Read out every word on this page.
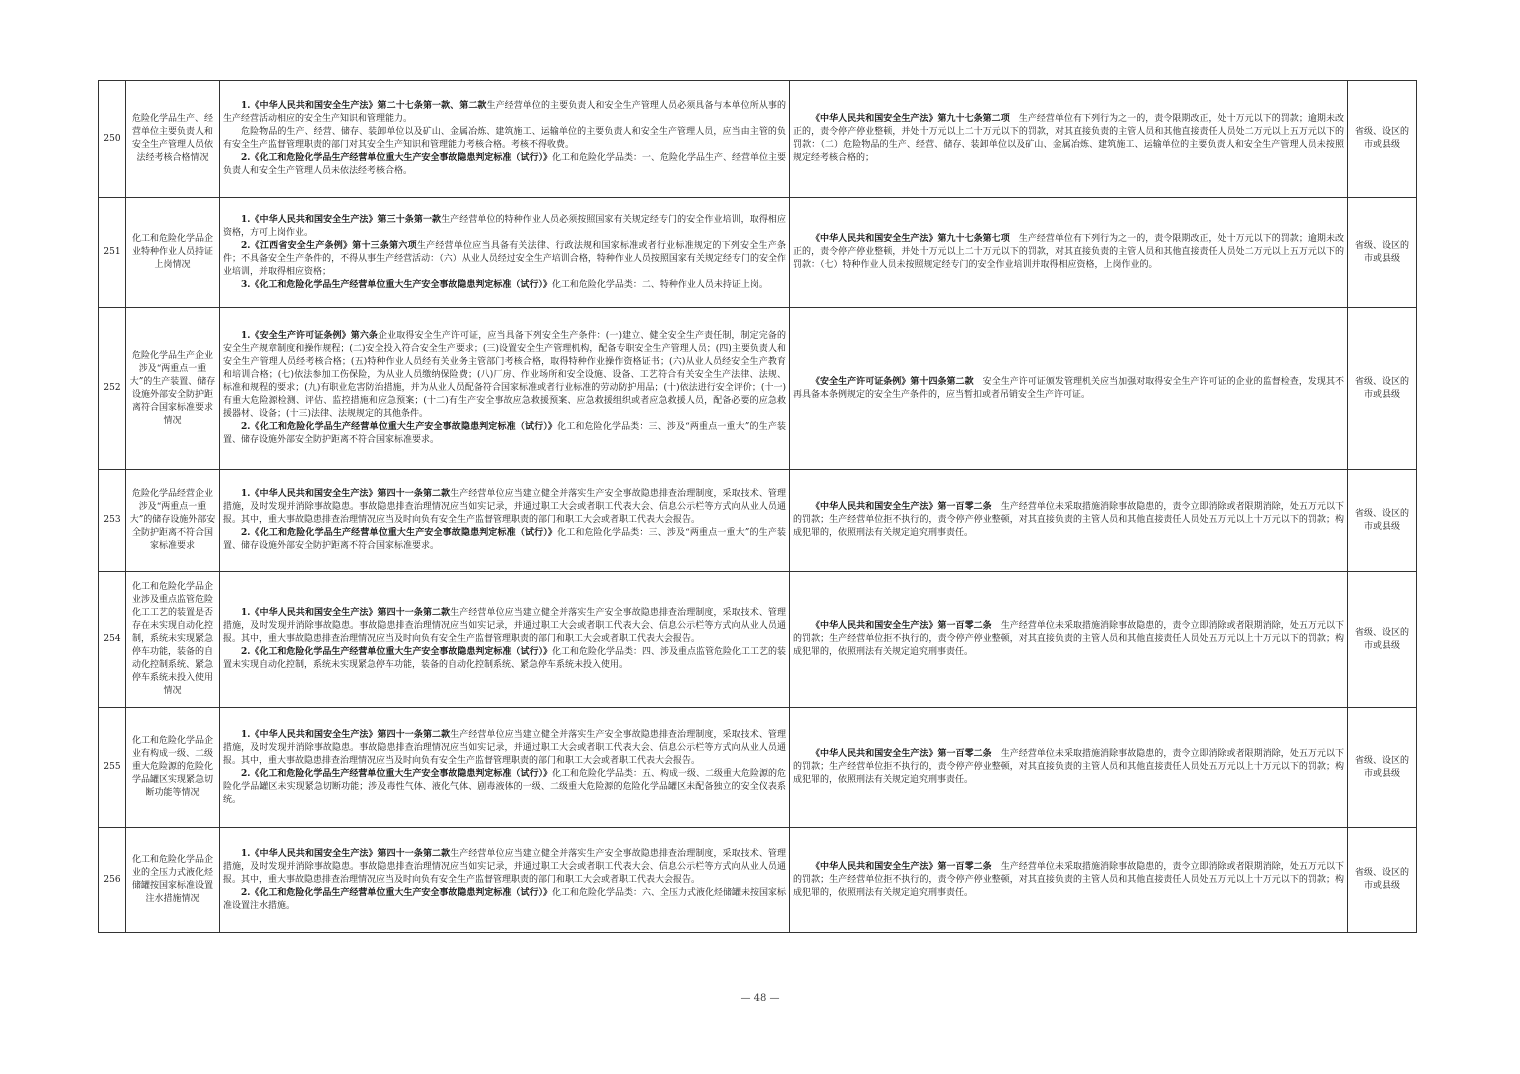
250	危险化学品生产、经营单位主要负责人和安全生产管理人员依法经考核合格情况	1.《中华人民共和国安全生产法》第二十七条第一款、第二款生产经营单位的主要负责人和安全生产管理人员必须具备与本单位所从事的生产经营活动相应的安全生产知识和管理能力。
危险物品的生产、经营、储存、装卸单位以及矿山、金属冶炼、建筑施工、运输单位的主要负责人和安全生产管理人员，应当由主管的负有安全生产监督管理职责的部门对其安全生产知识和管理能力考核合格。考核不得收费。
2.《化工和危险化学品生产经营单位重大生产安全事故隐患判定标准（试行）》化工和危险化学品类：一、危险化学品生产、经营单位主要负责人和安全生产管理人员未依法经考核合格。	《中华人民共和国安全生产法》第九十七条第二项　 生产经营单位有下列行为之一的，责令限期改正，处十万元以下的罚款；逾期未改正的，责令停产停业整顿，并处十万元以上二十万元以下的罚款，对其直接负责的主管人员和其他直接责任人员处二万元以上五万元以下的罚款：（二）危险物品的生产、经营、储存、装卸单位以及矿山、金属冶炼、建筑施工、运输单位的主要负责人和安全生产管理人员未按照规定经考核合格的；	省级、设区的市或县级
251	化工和危险化学品企业特种作业人员持证上岗情况	1.《中华人民共和国安全生产法》第三十条第一款生产经营单位的特种作业人员必须按照国家有关规定经专门的安全作业培训，取得相应资格，方可上岗作业。
2.《江西省安全生产条例》第十三条第六项生产经营单位应当具备有关法律、行政法规和国家标准或者行业标准规定的下列安全生产条件；不具备安全生产条件的，不得从事生产经营活动：（六）从业人员经过安全生产培训合格，特种作业人员按照国家有关规定经专门的安全作业培训，并取得相应资格；
3.《化工和危险化学品生产经营单位重大生产安全事故隐患判定标准（试行）》化工和危险化学品类：二、特种作业人员未持证上岗。	《中华人民共和国安全生产法》第九十七条第七项　 生产经营单位有下列行为之一的，责令限期改正，处十万元以下的罚款；逾期未改正的，责令停产停业整顿，并处十万元以上二十万元以下的罚款，对其直接负责的主管人员和其他直接责任人员处二万元以上五万元以下的罚款：（七）特种作业人员未按照规定经专门的安全作业培训并取得相应资格，上岗作业的。	省级、设区的市或县级
252	危险化学品生产企业涉及“两重点一重大”的生产装置、储存设施外部安全防护距离符合国家标准要求情况	1.《安全生产许可证条例》第六条企业取得安全生产许可证，应当具备下列安全生产条件：(一)建立、健全安全生产责任制，制定完备的安全生产规章制度和操作规程；(二)安全投入符合安全生产要求；(三)设置安全生产管理机构，配备专职安全生产管理人员；(四)主要负责人和安全生产管理人员经考核合格；(五)特种作业人员经有关业务主管部门考核合格，取得特种作业操作资格证书；(六)从业人员经安全生产教育和培训合格；(七)依法参加工伤保险，为从业人员缴纳保险费；(八)厂房、作业场所和安全设施、设备、工艺符合有关安全生产法律、法规、标准和规程的要求；(九)有职业危害防治措施，并为从业人员配备符合国家标准或者行业标准的劳动防护用品；(十)依法进行安全评价；(十一)有重大危险源检测、评估、监控措施和应急预案；(十二)有生产安全事故应急救援预案、应急救援组织或者应急救援人员，配备必要的应急救援器材、设备；(十三)法律、法规规定的其他条件。
2.《化工和危险化学品生产经营单位重大生产安全事故隐患判定标准（试行）》化工和危险化学品类：三、涉及“两重点一重大”的生产装置、储存设施外部安全防护距离不符合国家标准要求。	《安全生产许可证条例》第十四条第二款　 安全生产许可证颁发管理机关应当加强对取得安全生产许可证的企业的监督检查，发现其不再具备本条例规定的安全生产条件的，应当暂扣或者吊销安全生产许可证。	省级、设区的市或县级
253	危险化学品经营企业涉及“两重点一重大”的储存设施外部安全防护距离不符合国家标准要求	1.《中华人民共和国安全生产法》第四十一条第二款生产经营单位应当建立健全并落实生产安全事故隐患排查治理制度，采取技术、管理措施，及时发现并消除事故隐患。事故隐患排查治理情况应当如实记录，并通过职工大会或者职工代表大会、信息公示栏等方式向从业人员通报。其中，重大事故隐患排查治理情况应当及时向负有安全生产监督管理职责的部门和职工大会或者职工代表大会报告。
2.《化工和危险化学品生产经营单位重大生产安全事故隐患判定标准（试行）》化工和危险化学品类：三、涉及“两重点一重大”的生产装置、储存设施外部安全防护距离不符合国家标准要求。	《中华人民共和国安全生产法》第一百零二条　 生产经营单位未采取措施消除事故隐患的，责令立即消除或者限期消除，处五万元以下的罚款；生产经营单位拒不执行的，责令停产停业整顿，对其直接负责的主管人员和其他直接责任人员处五万元以上十万元以下的罚款；构成犯罪的，依照刑法有关规定追究刑事责任。	省级、设区的市或县级
254	化工和危险化学品企业涉及重点监管危险化工工艺的装置是否存在未实现自动化控制，系统未实现紧急停车功能，装备的自动化控制系统、紧急停车系统未投入使用情况	1.《中华人民共和国安全生产法》第四十一条第二款生产经营单位应当建立健全并落实生产安全事故隐患排查治理制度，采取技术、管理措施，及时发现并消除事故隐患。事故隐患排查治理情况应当如实记录，并通过职工大会或者职工代表大会、信息公示栏等方式向从业人员通报。其中，重大事故隐患排查治理情况应当及时向负有安全生产监督管理职责的部门和职工大会或者职工代表大会报告。
2.《化工和危险化学品生产经营单位重大生产安全事故隐患判定标准（试行）》化工和危险化学品类：四、涉及重点监管危险化工工艺的装置未实现自动化控制，系统未实现紧急停车功能，装备的自动化控制系统、紧急停车系统未投入使用。	《中华人民共和国安全生产法》第一百零二条　 生产经营单位未采取措施消除事故隐患的，责令立即消除或者限期消除，处五万元以下的罚款；生产经营单位拒不执行的，责令停产停业整顿，对其直接负责的主管人员和其他直接责任人员处五万元以上十万元以下的罚款；构成犯罪的，依照刑法有关规定追究刑事责任。	省级、设区的市或县级
255	化工和危险化学品企业有构成一级、二级重大危险源的危险化学品罐区实现紧急切断功能等情况	1.《中华人民共和国安全生产法》第四十一条第二款生产经营单位应当建立健全并落实生产安全事故隐患排查治理制度，采取技术、管理措施，及时发现并消除事故隐患。事故隐患排查治理情况应当如实记录，并通过职工大会或者职工代表大会、信息公示栏等方式向从业人员通报。其中，重大事故隐患排查治理情况应当及时向负有安全生产监督管理职责的部门和职工大会或者职工代表大会报告。
2.《化工和危险化学品生产经营单位重大生产安全事故隐患判定标准（试行）》化工和危险化学品类：五、构成一级、二级重大危险源的危险化学品罐区未实现紧急切断功能；涉及毒性气体、液化气体、剧毒液体的一级、二级重大危险源的危险化学品罐区未配备独立的安全仪表系统。	《中华人民共和国安全生产法》第一百零二条　 生产经营单位未采取措施消除事故隐患的，责令立即消除或者限期消除，处五万元以下的罚款；生产经营单位拒不执行的，责令停产停业整顿，对其直接负责的主管人员和其他直接责任人员处五万元以上十万元以下的罚款；构成犯罪的，依照刑法有关规定追究刑事责任。	省级、设区的市或县级
256	化工和危险化学品企业的全压力式液化烃储罐按国家标准设置注水措施情况	1.《中华人民共和国安全生产法》第四十一条第二款生产经营单位应当建立健全并落实生产安全事故隐患排查治理制度，采取技术、管理措施，及时发现并消除事故隐患。事故隐患排查治理情况应当如实记录，并通过职工大会或者职工代表大会、信息公示栏等方式向从业人员通报。其中，重大事故隐患排查治理情况应当及时向负有安全生产监督管理职责的部门和职工大会或者职工代表大会报告。
2.《化工和危险化学品生产经营单位重大生产安全事故隐患判定标准（试行）》化工和危险化学品类：六、全压力式液化烃储罐未按国家标准设置注水措施。	《中华人民共和国安全生产法》第一百零二条　 生产经营单位未采取措施消除事故隐患的，责令立即消除或者限期消除，处五万元以下的罚款；生产经营单位拒不执行的，责令停产停业整顿，对其直接负责的主管人员和其他直接责任人员处五万元以上十万元以下的罚款；构成犯罪的，依照刑法有关规定追究刑事责任。	省级、设区的市或县级
— 48 —
